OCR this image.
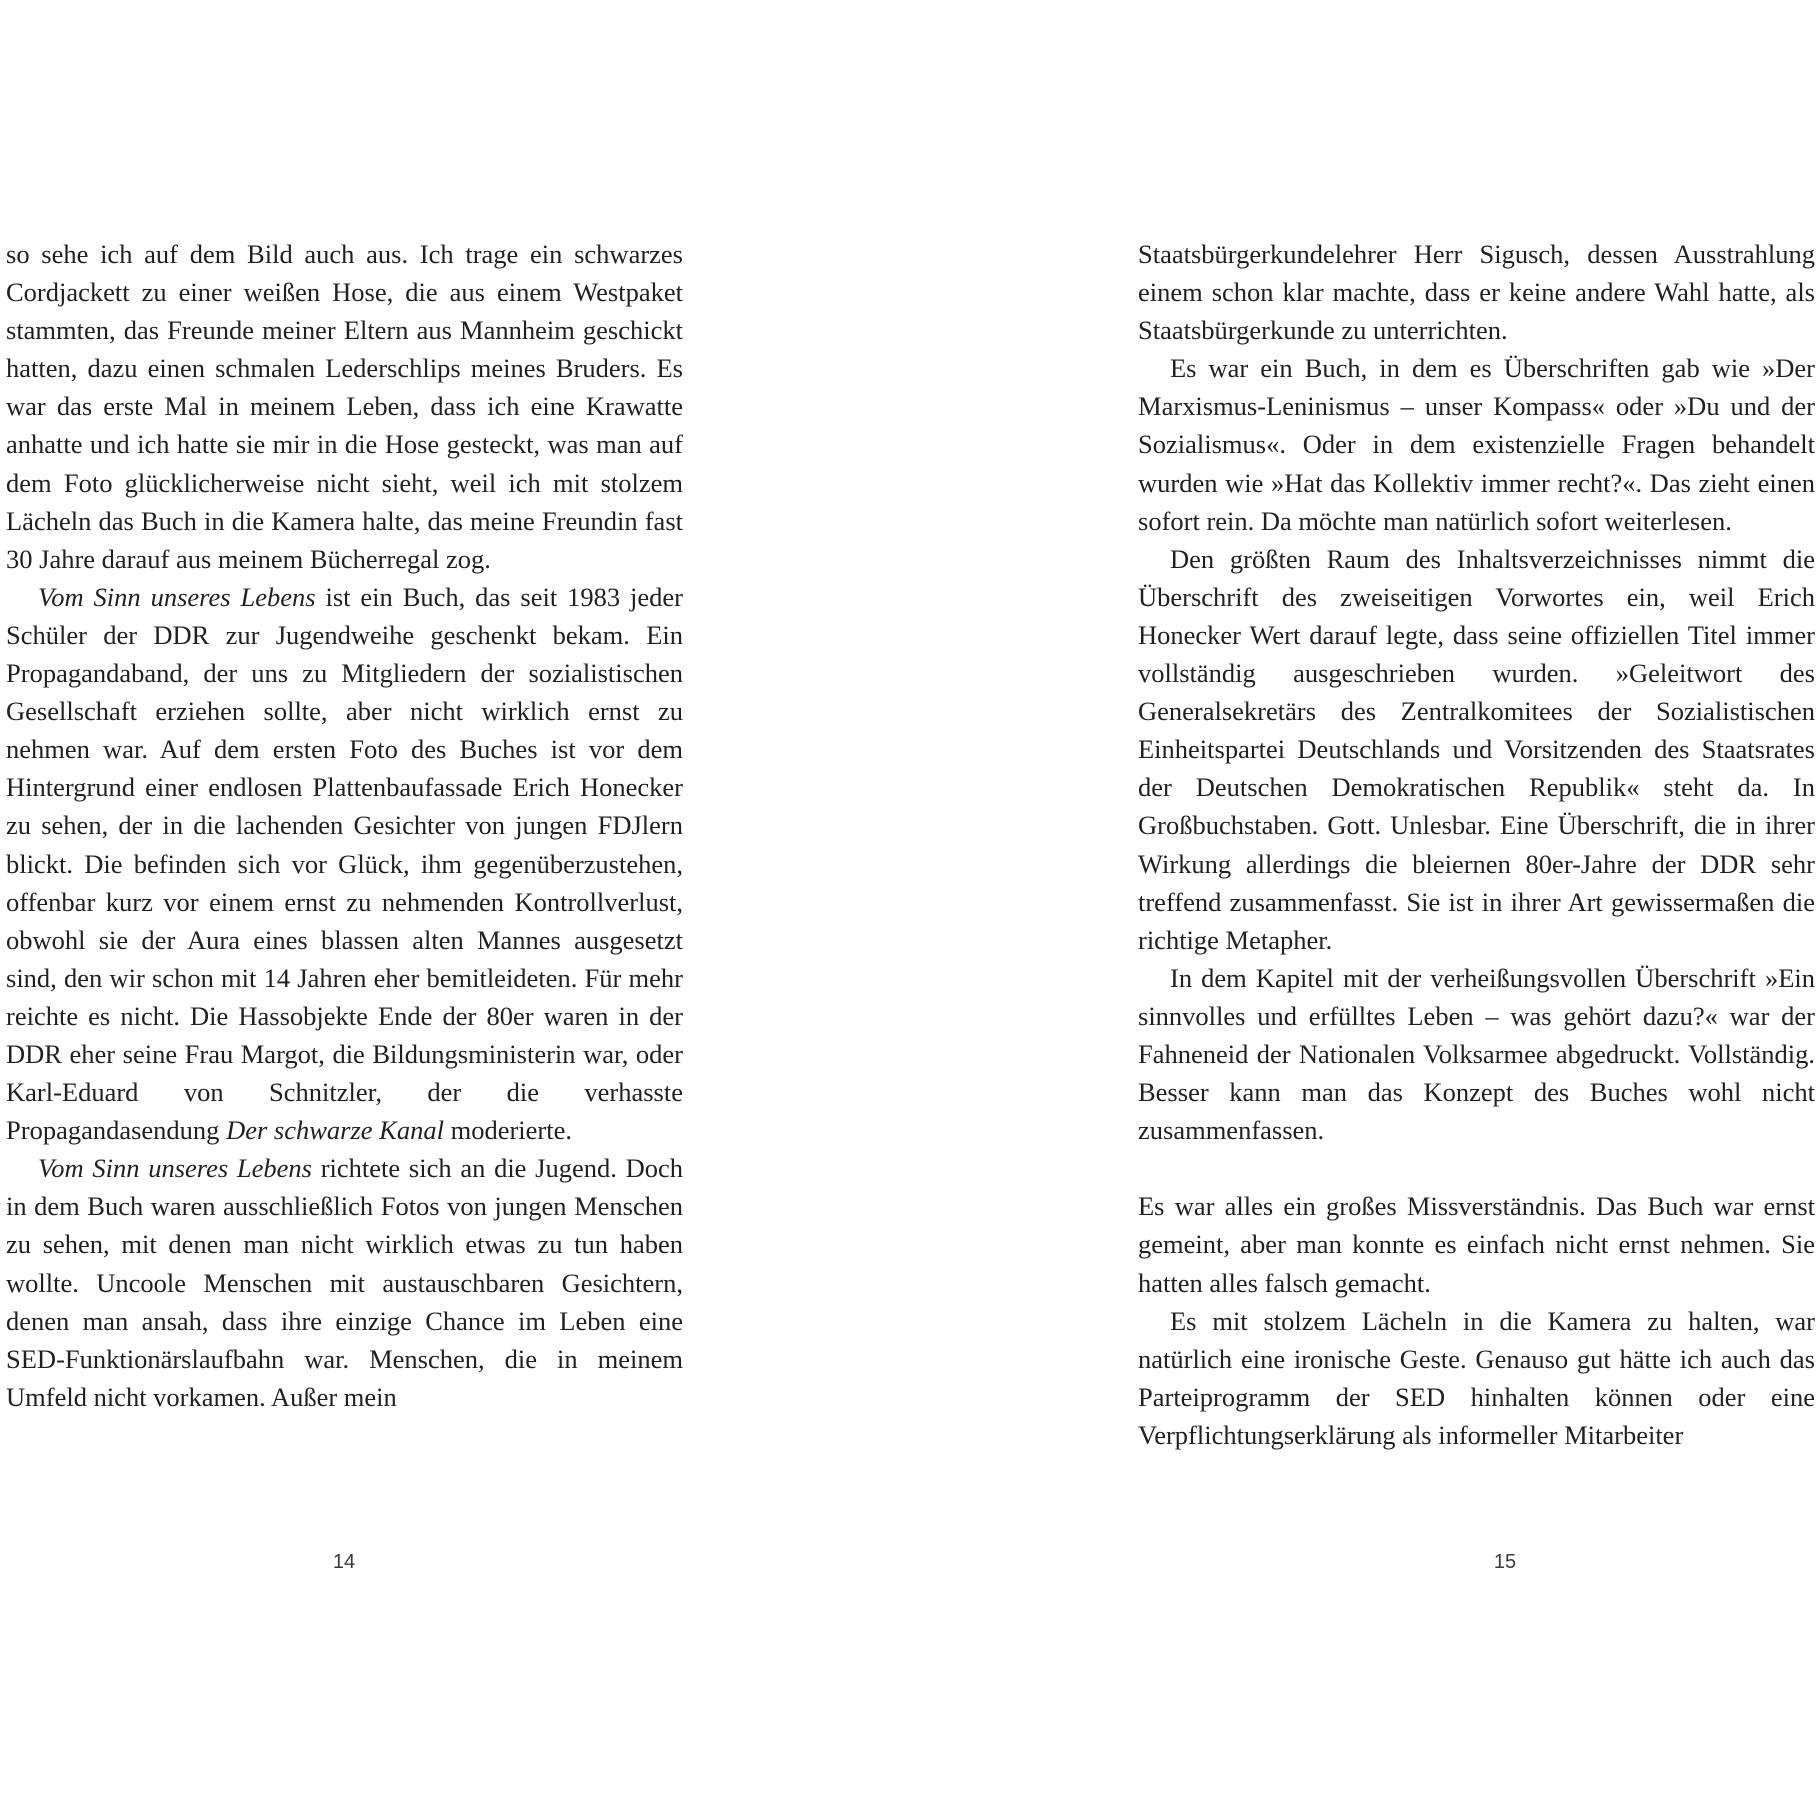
so sehe ich auf dem Bild auch aus. Ich trage ein schwarzes Cordjackett zu einer weißen Hose, die aus einem Westpaket stammten, das Freunde meiner Eltern aus Mannheim geschickt hatten, dazu einen schmalen Lederschlips meines Bruders. Es war das erste Mal in meinem Leben, dass ich eine Krawatte anhatte und ich hatte sie mir in die Hose gesteckt, was man auf dem Foto glücklicherweise nicht sieht, weil ich mit stolzem Lächeln das Buch in die Kamera halte, das meine Freundin fast 30 Jahre darauf aus meinem Bücherregal zog.

Vom Sinn unseres Lebens ist ein Buch, das seit 1983 jeder Schüler der DDR zur Jugendweihe geschenkt bekam. Ein Propagandaband, der uns zu Mitgliedern der sozialistischen Gesellschaft erziehen sollte, aber nicht wirklich ernst zu nehmen war. Auf dem ersten Foto des Buches ist vor dem Hintergrund einer endlosen Plattenbaufassade Erich Honecker zu sehen, der in die lachenden Gesichter von jungen FDJlern blickt. Die befinden sich vor Glück, ihm gegenüberzustehen, offenbar kurz vor einem ernst zu nehmenden Kontrollverlust, obwohl sie der Aura eines blassen alten Mannes ausgesetzt sind, den wir schon mit 14 Jahren eher bemitleideten. Für mehr reichte es nicht. Die Hassobjekte Ende der 80er waren in der DDR eher seine Frau Margot, die Bildungsministerin war, oder Karl-Eduard von Schnitzler, der die verhasste Propagandasendung Der schwarze Kanal moderierte.

Vom Sinn unseres Lebens richtete sich an die Jugend. Doch in dem Buch waren ausschließlich Fotos von jungen Menschen zu sehen, mit denen man nicht wirklich etwas zu tun haben wollte. Uncoole Menschen mit austauschbaren Gesichtern, denen man ansah, dass ihre einzige Chance im Leben eine SED-Funktionärslaufbahn war. Menschen, die in meinem Umfeld nicht vorkamen. Außer mein

14

Staatsbürgerkundelehrer Herr Sigusch, dessen Ausstrahlung einem schon klar machte, dass er keine andere Wahl hatte, als Staatsbürgerkunde zu unterrichten.

Es war ein Buch, in dem es Überschriften gab wie »Der Marxismus-Leninismus – unser Kompass« oder »Du und der Sozialismus«. Oder in dem existenzielle Fragen behandelt wurden wie »Hat das Kollektiv immer recht?«. Das zieht einen sofort rein. Da möchte man natürlich sofort weiterlesen.

Den größten Raum des Inhaltsverzeichnisses nimmt die Überschrift des zweiseitigen Vorwortes ein, weil Erich Honecker Wert darauf legte, dass seine offiziellen Titel immer vollständig ausgeschrieben wurden. »Geleitwort des Generalsekretärs des Zentralkomitees der Sozialistischen Einheitspartei Deutschlands und Vorsitzenden des Staatsrates der Deutschen Demokratischen Republik« steht da. In Großbuchstaben. Gott. Unlesbar. Eine Überschrift, die in ihrer Wirkung allerdings die bleiernen 80er-Jahre der DDR sehr treffend zusammenfasst. Sie ist in ihrer Art gewissermaßen die richtige Metapher.

In dem Kapitel mit der verheißungsvollen Überschrift »Ein sinnvolles und erfülltes Leben – was gehört dazu?« war der Fahneneid der Nationalen Volksarmee abgedruckt. Vollständig. Besser kann man das Konzept des Buches wohl nicht zusammenfassen.

Es war alles ein großes Missverständnis. Das Buch war ernst gemeint, aber man konnte es einfach nicht ernst nehmen. Sie hatten alles falsch gemacht.

Es mit stolzem Lächeln in die Kamera zu halten, war natürlich eine ironische Geste. Genauso gut hätte ich auch das Parteiprogramm der SED hinhalten können oder eine Verpflichtungserklärung als informeller Mitarbeiter

15
